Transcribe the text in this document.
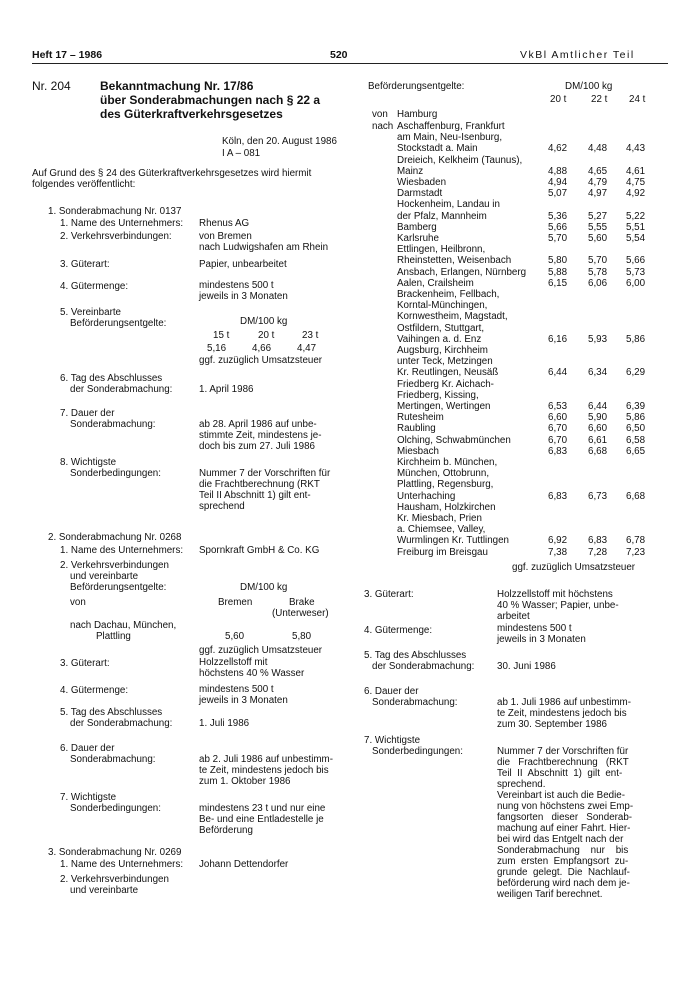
Heft 17 – 1986	520	VkBl Amtlicher Teil
Nr. 204 Bekanntmachung Nr. 17/86
über Sonderabmachungen nach § 22 a
des Güterkraftverkehrsgesetzes
Köln, den 20. August 1986
I A – 081
Auf Grund des § 24 des Güterkraftverkehrsgesetzes wird hiermit
folgendes veröffentlicht:
1. Sonderabmachung Nr. 0137
1. Name des Unternehmers: Rhenus AG
2. Verkehrsverbindungen:	von Bremen
nach Ludwigshafen am Rhein
3. Güterart:	Papier, unbearbeitet
4. Gütermenge:	mindestens 500 t
jeweils in 3 Monaten
5. Vereinbarte
Beförderungsentgelte:	DM/100 kg
15 t	20 t	23 t
5,16	4,66	4,47
ggf. zuzüglich Umsatzsteuer
6. Tag des Abschlusses
der Sonderabmachung:	1. April 1986
7. Dauer der
Sonderabmachung:	ab 28. April 1986 auf unbe-
stimmte Zeit, mindestens je-
doch bis zum 27. Juli 1986
8. Wichtigste
Sonderbedingungen:	Nummer 7 der Vorschriften für
die Frachtberechnung (RKT
Teil II Abschnitt 1) gilt ent-
sprechend
2. Sonderabmachung Nr. 0268
1. Name des Unternehmers: Spornkraft GmbH & Co. KG
2. Verkehrsverbindungen
und vereinbarte
Beförderungsentgelte:	DM/100 kg
von	Bremen	Brake
(Unterweser)
nach Dachau, München,
Plattling	5,60	5,80
ggf. zuzüglich Umsatzsteuer
3. Güterart:	Holzzellstoff mit
höchstens 40 % Wasser
4. Gütermenge:	mindestens 500 t
jeweils in 3 Monaten
5. Tag des Abschlusses
der Sonderabmachung:	1. Juli 1986
6. Dauer der
Sonderabmachung:	ab 2. Juli 1986 auf unbestimm-
te Zeit, mindestens jedoch bis
zum 1. Oktober 1986
7. Wichtigste
Sonderbedingungen:	mindestens 23 t und nur eine
Be- und eine Entladestelle je
Beförderung
3. Sonderabmachung Nr. 0269
1. Name des Unternehmers: Johann Dettendorfer
2. Verkehrsverbindungen
und vereinbarte
Beförderungsentgelte:	DM/100 kg
20 t	22 t 24 t
von Hamburg
nach Aschaffenburg, Frankfurt
am Main, Neu-Isenburg,
Stockstadt a. Main	4,62 4,48 4,43
Dreieich, Kelkheim (Taunus),
Mainz	4,88 4,65 4,61
Wiesbaden	4,94 4,79 4,75
Darmstadt	5,07 4,97 4,92
Hockenheim, Landau in
der Pfalz, Mannheim	5,36 5,27 5,22
Bamberg	5,66 5,55 5,51
Karlsruhe	5,70 5,60 5,54
Ettlingen, Heilbronn,
Rheinstetten, Weisenbach	5,80 5,70 5,66
Ansbach, Erlangen, Nürnberg 5,88 5,78 5,73
Aalen, Crailsheim	6,15 6,06 6,00
Brackenheim, Fellbach,
Korntal-Münchingen,
Kornwestheim, Magstadt,
Ostfildern, Stuttgart,
Vaihingen a. d. Enz	6,16 5,93 5,86
Augsburg, Kirchheim
unter Teck, Metzingen
Kr. Reutlingen, Neusäß	6,44 6,34 6,29
Friedberg Kr. Aichach-
Friedberg, Kissing,
Mertingen, Wertingen	6,53 6,44 6,39
Rutesheim	6,60 5,90 5,86
Raubling	6,70 6,60 6,50
Olching, Schwabmünchen	6,70 6,61 6,58
Miesbach	6,83 6,68 6,65
Kirchheim b. München,
München, Ottobrunn,
Plattling, Regensburg,
Unterhaching	6,83 6,73 6,68
Hausham, Holzkirchen
Kr. Miesbach, Prien
a. Chiemsee, Valley,
Wurmlingen Kr. Tuttlingen	6,92 6,83 6,78
Freiburg im Breisgau	7,38 7,28 7,23
ggf. zuzüglich Umsatzsteuer
3. Güterart:	Holzzellstoff mit höchstens
40 % Wasser; Papier, unbe-
arbeitet
4. Gütermenge:	mindestens 500 t
jeweils in 3 Monaten
5. Tag des Abschlusses
der Sonderabmachung: 30. Juni 1986
6. Dauer der
Sonderabmachung:	ab 1. Juli 1986 auf unbestimm-
te Zeit, mindestens jedoch bis
zum 30. September 1986
7. Wichtigste
Sonderbedingungen:	Nummer 7 der Vorschriften für
die   Frachtberechnung   (RKT
Teil  II  Abschnitt  1)  gilt  ent-
sprechend.
Vereinbart ist auch die Bedie-
nung von höchstens zwei Emp-
fangsorten   dieser   Sonderab-
machung auf einer Fahrt. Hier-
bei wird das Entgelt nach der
Sonderabmachung    nur    bis
zum  ersten  Empfangsort  zu-
grunde  gelegt.  Die  Nachlauf-
beförderung wird nach dem je-
weiligen Tarif berechnet.
